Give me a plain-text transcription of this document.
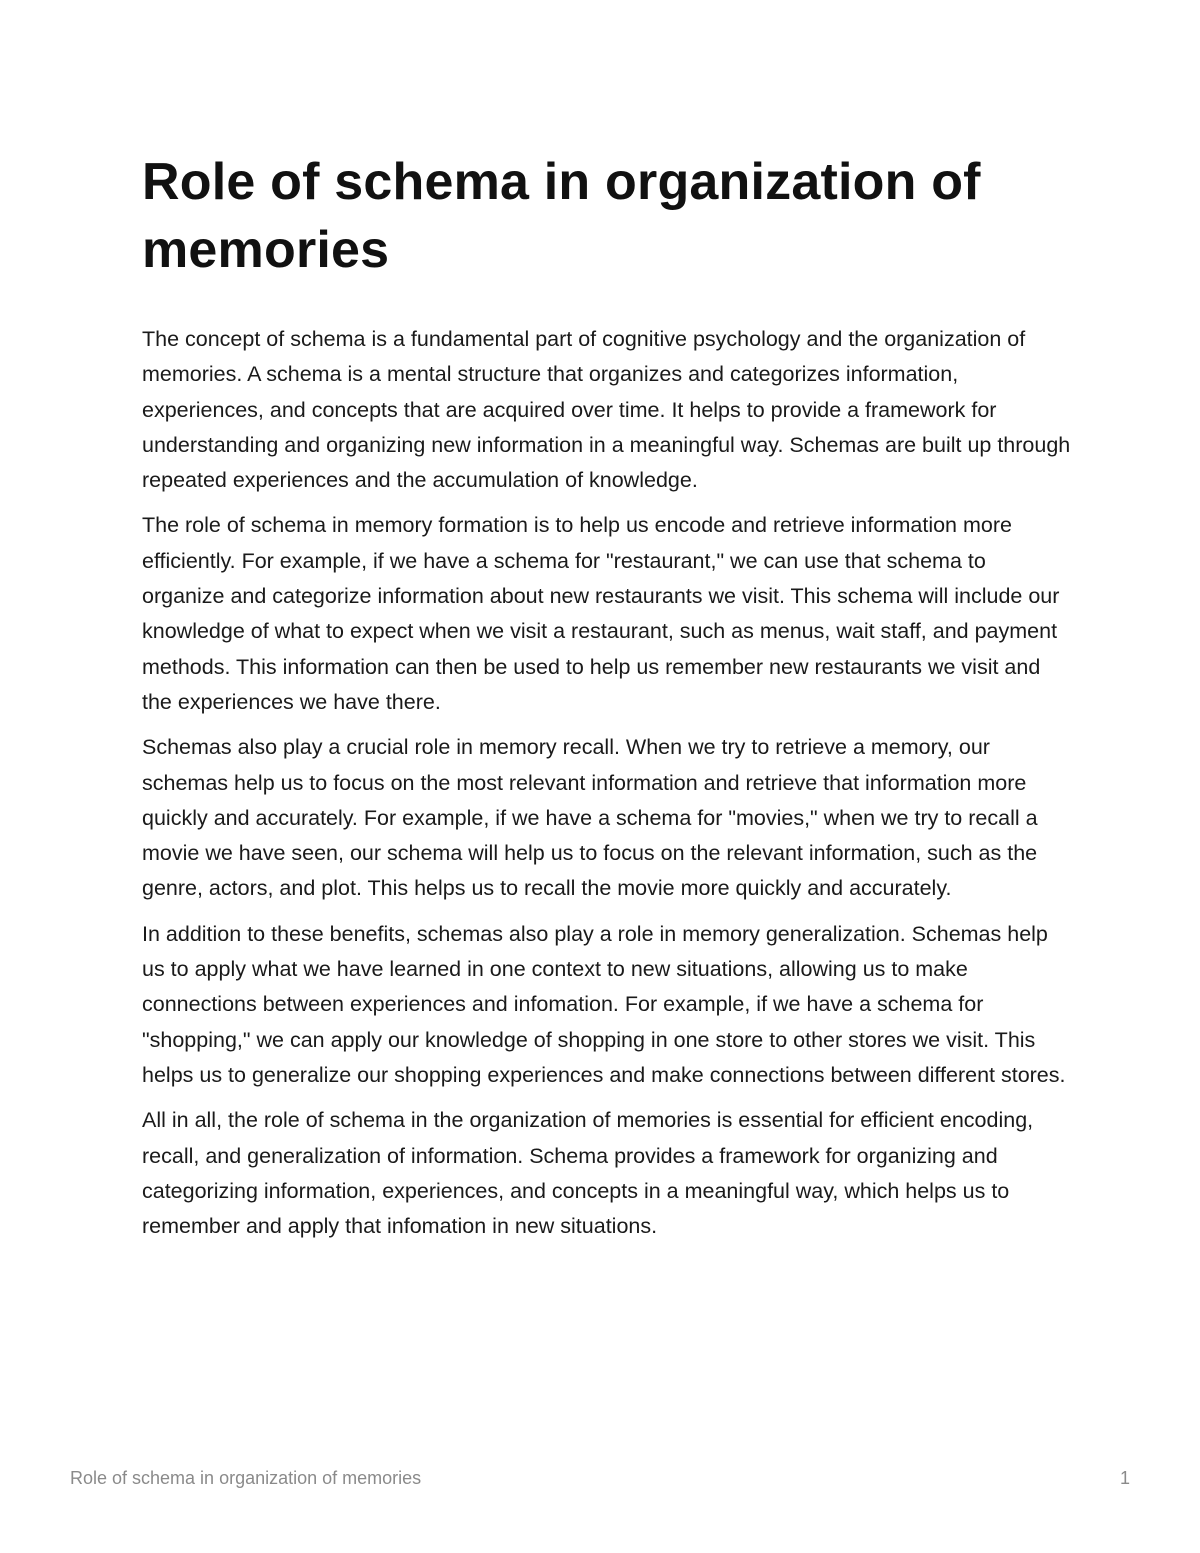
Role of schema in organization of memories

The concept of schema is a fundamental part of cognitive psychology and the organization of memories. A schema is a mental structure that organizes and categorizes information, experiences, and concepts that are acquired over time. It helps to provide a framework for understanding and organizing new information in a meaningful way. Schemas are built up through repeated experiences and the accumulation of knowledge.

The role of schema in memory formation is to help us encode and retrieve information more efficiently. For example, if we have a schema for "restaurant," we can use that schema to organize and categorize information about new restaurants we visit. This schema will include our knowledge of what to expect when we visit a restaurant, such as menus, wait staff, and payment methods. This information can then be used to help us remember new restaurants we visit and the experiences we have there.

Schemas also play a crucial role in memory recall. When we try to retrieve a memory, our schemas help us to focus on the most relevant information and retrieve that information more quickly and accurately. For example, if we have a schema for "movies," when we try to recall a movie we have seen, our schema will help us to focus on the relevant information, such as the genre, actors, and plot. This helps us to recall the movie more quickly and accurately.

In addition to these benefits, schemas also play a role in memory generalization. Schemas help us to apply what we have learned in one context to new situations, allowing us to make connections between experiences and infomation. For example, if we have a schema for "shopping," we can apply our knowledge of shopping in one store to other stores we visit. This helps us to generalize our shopping experiences and make connections between different stores.

All in all, the role of schema in the organization of memories is essential for efficient encoding, recall, and generalization of information. Schema provides a framework for organizing and categorizing information, experiences, and concepts in a meaningful way, which helps us to remember and apply that infomation in new situations.

Role of schema in organization of memories	1
